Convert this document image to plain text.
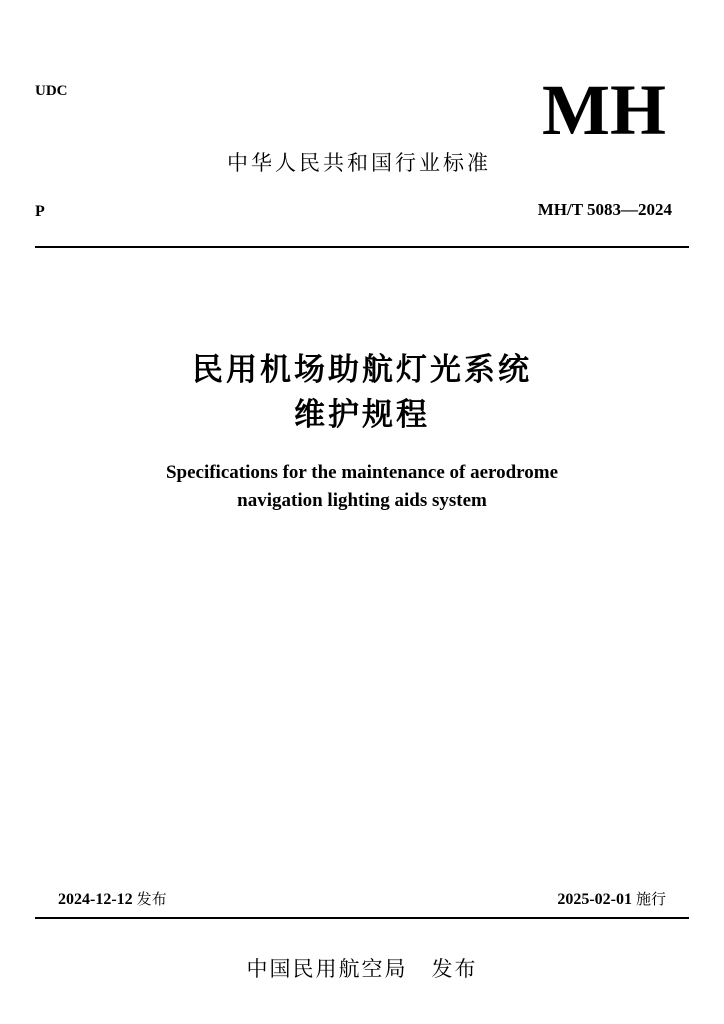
UDC	MH
中华人民共和国行业标准
P	MH/T 5083—2024
民用机场助航灯光系统
维护规程
Specifications for the maintenance of aerodrome
navigation lighting aids system
2024-12-12 发布	2025-02-01 施行
中国民用航空局 发布
